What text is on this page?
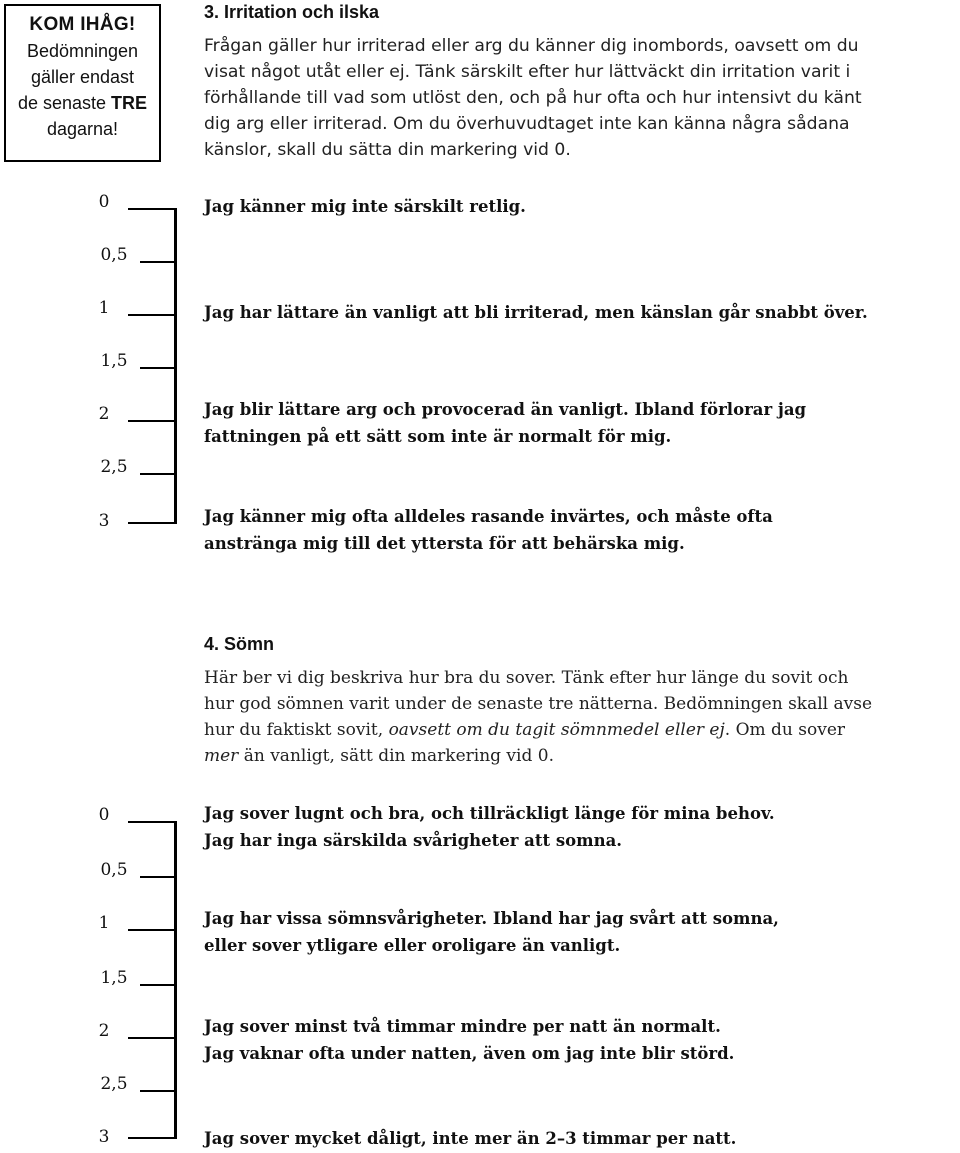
KOM IHÅG!
Bedömningen
gäller endast
de senaste TRE
dagarna!
3. Irritation och ilska
Frågan gäller hur irriterad eller arg du känner dig inombords, oavsett om du
visat något utåt eller ej. Tänk särskilt efter hur lättväckt din irritation varit i
förhållande till vad som utlöst den, och på hur ofta och hur intensivt du känt
dig arg eller irriterad. Om du överhuvudtaget inte kan känna några sådana
känslor, skall du sätta din markering vid 0.
0
0,5
1
1,5
2
2,5
3
Jag känner mig inte särskilt retlig.
Jag har lättare än vanligt att bli irriterad, men känslan går snabbt över.
Jag blir lättare arg och provocerad än vanligt. Ibland förlorar jag
fattningen på ett sätt som inte är normalt för mig.
Jag känner mig ofta alldeles rasande invärtes, och måste ofta
anstränga mig till det yttersta för att behärska mig.
4. Sömn
Här ber vi dig beskriva hur bra du sover. Tänk efter hur länge du sovit och
hur god sömnen varit under de senaste tre nätterna. Bedömningen skall avse
hur du faktiskt sovit, oavsett om du tagit sömnmedel eller ej. Om du sover
mer än vanligt, sätt din markering vid 0.
0
0,5
1
1,5
2
2,5
3
Jag sover lugnt och bra, och tillräckligt länge för mina behov.
Jag har inga särskilda svårigheter att somna.
Jag har vissa sömnsvårigheter. Ibland har jag svårt att somna,
eller sover ytligare eller oroligare än vanligt.
Jag sover minst två timmar mindre per natt än normalt.
Jag vaknar ofta under natten, även om jag inte blir störd.
Jag sover mycket dåligt, inte mer än 2–3 timmar per natt.
